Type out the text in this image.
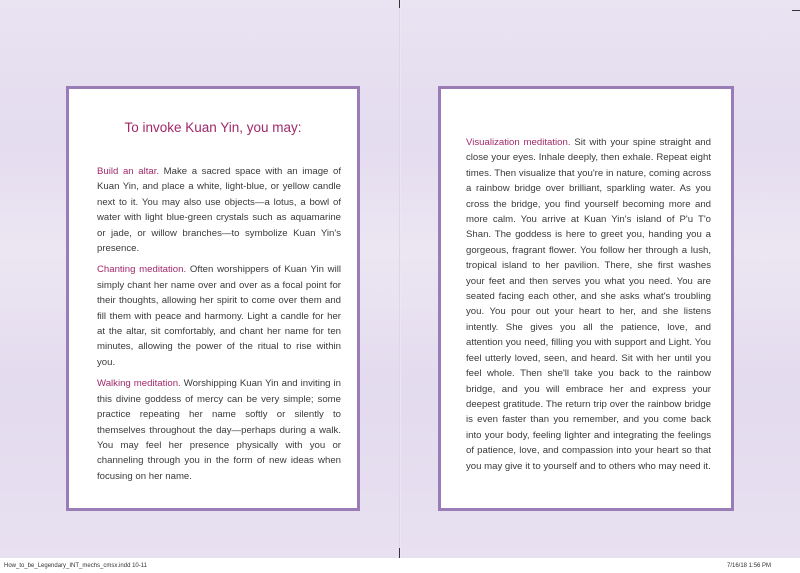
To invoke Kuan Yin, you may:

Build an altar. Make a sacred space with an image of Kuan Yin, and place a white, light-blue, or yellow candle next to it. You may also use objects—a lotus, a bowl of water with light blue-green crystals such as aquamarine or jade, or willow branches—to symbolize Kuan Yin's presence.

Chanting meditation. Often worshippers of Kuan Yin will simply chant her name over and over as a focal point for their thoughts, allowing her spirit to come over them and fill them with peace and harmony. Light a candle for her at the altar, sit comfortably, and chant her name for ten minutes, allowing the power of the ritual to rise within you.

Walking meditation. Worshipping Kuan Yin and inviting in this divine goddess of mercy can be very simple; some practice repeating her name softly or silently to themselves throughout the day—perhaps during a walk. You may feel her presence physically with you or channeling through you in the form of new ideas when focusing on her name.

Visualization meditation. Sit with your spine straight and close your eyes. Inhale deeply, then exhale. Repeat eight times. Then visualize that you're in nature, coming across a rainbow bridge over brilliant, sparkling water. As you cross the bridge, you find yourself becoming more and more calm. You arrive at Kuan Yin's island of P'u T'o Shan. The goddess is here to greet you, handing you a gorgeous, fragrant flower. You follow her through a lush, tropical island to her pavilion. There, she first washes your feet and then serves you what you need. You are seated facing each other, and she asks what's troubling you. You pour out your heart to her, and she listens intently. She gives you all the patience, love, and attention you need, filling you with support and Light. You feel utterly loved, seen, and heard. Sit with her until you feel whole. Then she'll take you back to the rainbow bridge, and you will embrace her and express your deepest gratitude. The return trip over the rainbow bridge is even faster than you remember, and you come back into your body, feeling lighter and integrating the feelings of patience, love, and compassion into your heart so that you may give it to yourself and to others who may need it.

How_to_be_Legendary_INT_mechs_cmsx.indd 10-11	7/16/18 1:56 PM
